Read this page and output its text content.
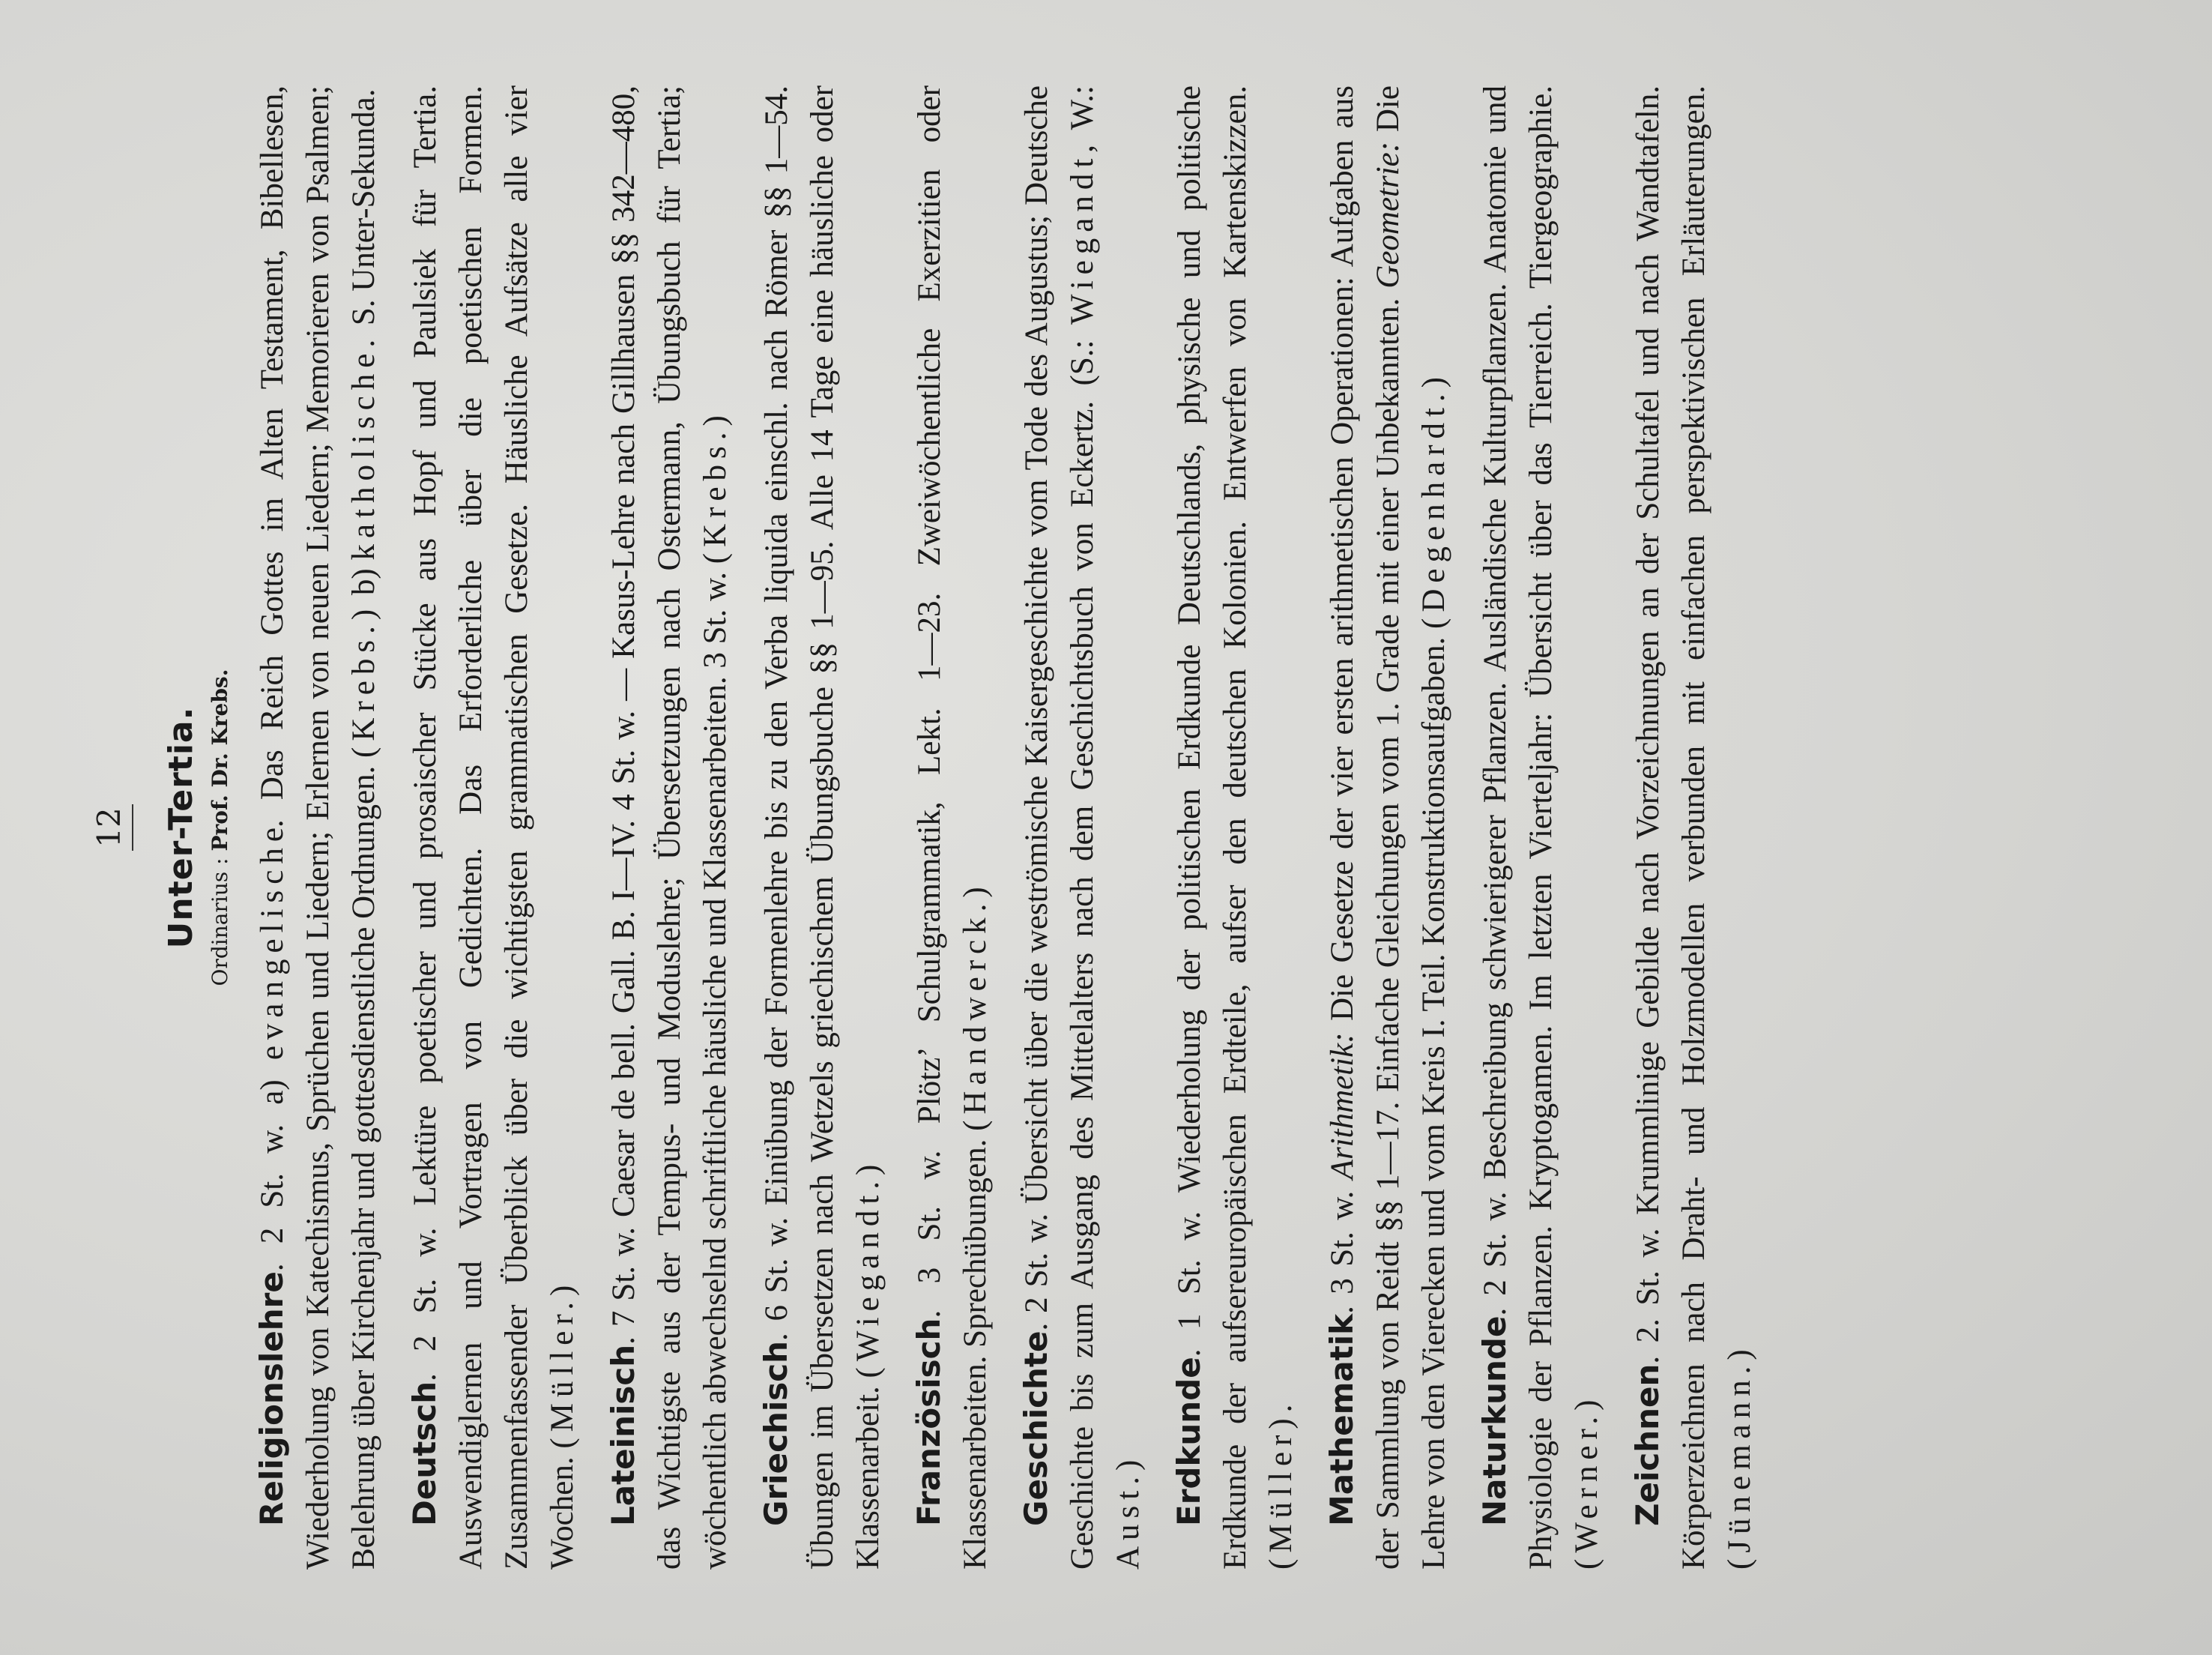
12 Unter-Tertia. Ordinarius : Prof. Dr. Krebs.

Religionslehre. 2 St. w. a) evangelische. Das Reich Gottes im Alten Testament, Bibellesen, Wiederholung von Katechismus, Sprüchen und Liedern; Erlernen von neuen Liedern; Memorieren von Psalmen; Belehrung über Kirchenjahr und gottesdienstliche Ordnungen. (Krebs.) b) katholische. S. Unter-Sekunda.

Deutsch. 2 St. w. Lektüre poetischer und prosaischer Stücke aus Hopf und Paulsiek für Tertia. Auswendiglernen und Vortragen von Gedichten. Das Erforderliche über die poetischen Formen. Zusammenfassender Überblick über die wichtigsten grammatischen Gesetze. Häusliche Aufsätze alle vier Wochen. (Müller.) Lateinisch. 7 St. w. Caesar de bell. Gall. B. I—IV. 4 St. w. — Kasus-Lehre nach Gillhausen §§ 342—480, das Wichtigste aus der Tempus- und Moduslehre; Übersetzungen nach Ostermann, Übungsbuch für Tertia; wöchentlich abwechselnd schriftliche häusliche und Klassenarbeiten. 3 St. w. (Krebs.)

Griechisch. 6 St. w. Einübung der Formenlehre bis zu den Verba liquida einschl. nach Römer §§ 1—54. Übungen im Übersetzen nach Wetzels griechischem Übungsbuche §§ 1—95. Alle 14 Tage eine häusliche oder Klassenarbeit. (Wiegandt.)

Französisch. 3 St. w. Plötz’ Schulgrammatik, Lekt. 1—23. Zweiwöchentliche Exerzitien oder Klassenarbeiten. Sprechübungen. (Handwerck.)

Geschichte. 2 St. w. Übersicht über die weströmische Kaisergeschichte vom Tode des Augustus; Deutsche Geschichte bis zum Ausgang des Mittelalters nach dem Geschichtsbuch von Eckertz. (S.: Wiegandt, W.: Aust.) Erdkunde. 1 St. w. Wiederholung der politischen Erdkunde Deutschlands, physische und politische Erdkunde der aufsereuropäischen Erdteile, aufser den deutschen Kolonien. Entwerfen von Kartenskizzen. (Müller). Mathematik. 3 St. w. Arithmetik: Die Gesetze der vier ersten arithmetischen Operationen: Aufgaben aus der Sammlung von Reidt §§ 1—17. Einfache Gleichungen vom 1. Grade mit einer Unbekannten. Geometrie: Die Lehre von den Vierecken und vom Kreis I. Teil. Konstruktionsaufgaben. (Degenhardt.)

Naturkunde. 2 St. w. Beschreibung schwierigerer Pflanzen. Ausländische Kulturpflanzen. Anatomie und Physiologie der Pflanzen. Kryptogamen. Im letzten Vierteljahr: Übersicht über das Tierreich. Tiergeographie. (Werner.) Zeichnen. 2. St. w. Krummlinige Gebilde nach Vorzeichnungen an der Schultafel und nach Wandtafeln. Körperzeichnen nach Draht- und Holzmodellen verbunden mit einfachen perspektivischen Erläuterungen. (Jünemann.)
